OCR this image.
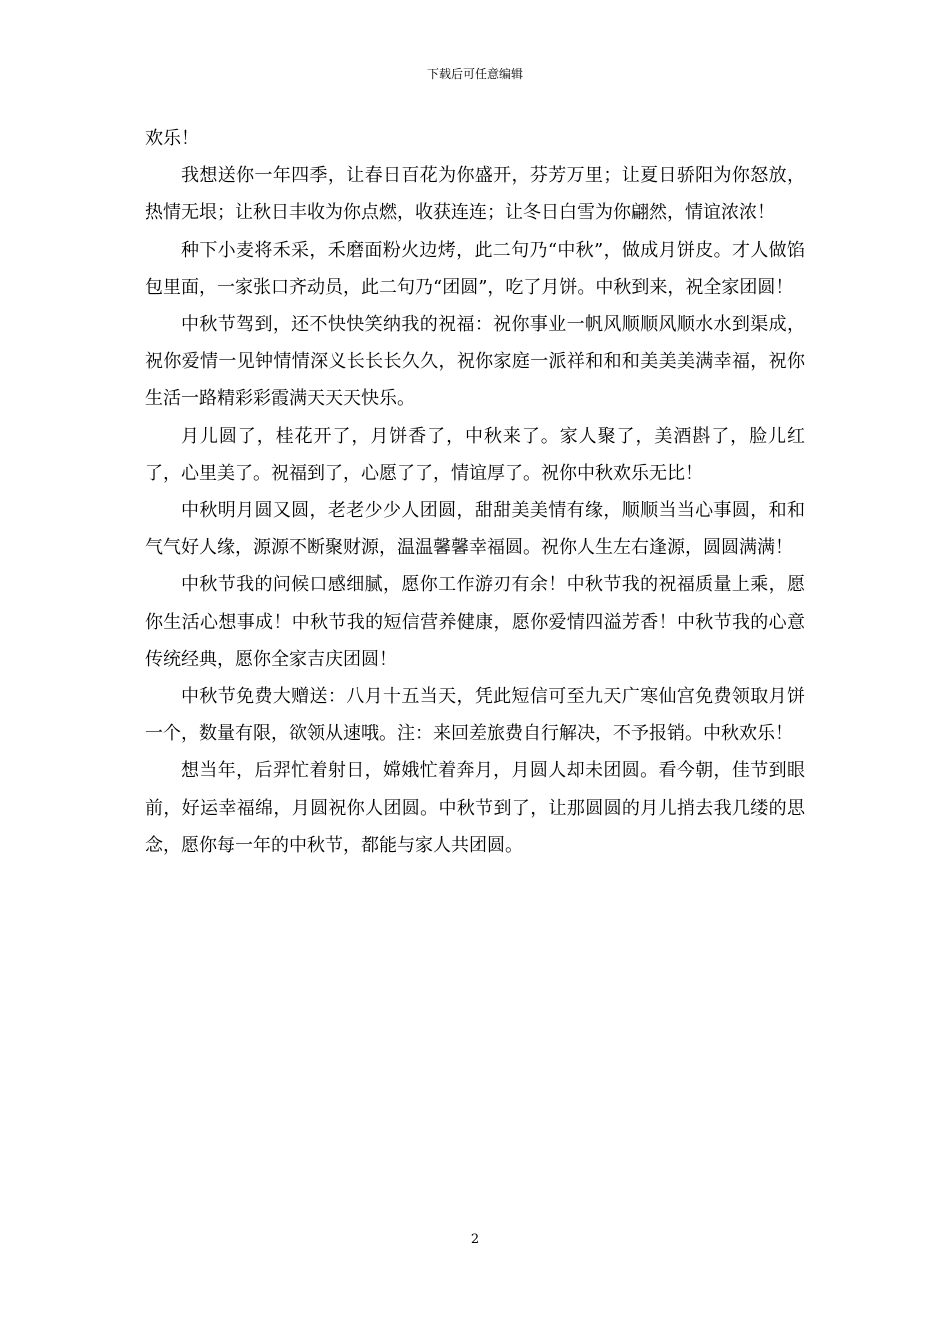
下载后可任意编辑

欢乐！

我想送你一年四季，让春日百花为你盛开，芬芳万里；让夏日骄阳为你怒放，热情无垠；让秋日丰收为你点燃，收获连连；让冬日白雪为你翩然，情谊浓浓！

种下小麦将禾采，禾磨面粉火边烤，此二句乃“中秋”，做成月饼皮。才人做馅包里面，一家张口齐动员，此二句乃“团圆”，吃了月饼。中秋到来，祝全家团圆！

中秋节驾到，还不快快笑纳我的祝福：祝你事业一帆风顺顺风顺水水到渠成，祝你爱情一见钟情情深义长长长久久，祝你家庭一派祥和和和美美美满幸福，祝你生活一路精彩彩霞满天天天快乐。

月儿圆了，桂花开了，月饼香了，中秋来了。家人聚了，美酒斟了，脸儿红了，心里美了。祝福到了，心愿了了，情谊厚了。祝你中秋欢乐无比！

中秋明月圆又圆，老老少少人团圆，甜甜美美情有缘，顺顺当当心事圆，和和气气好人缘，源源不断聚财源，温温馨馨幸福圆。祝你人生左右逢源，圆圆满满！

中秋节我的问候口感细腻，愿你工作游刃有余！中秋节我的祝福质量上乘，愿你生活心想事成！中秋节我的短信营养健康，愿你爱情四溢芳香！中秋节我的心意传统经典，愿你全家吉庆团圆！

中秋节免费大赠送：八月十五当天，凭此短信可至九天广寒仙宫免费领取月饼一个，数量有限，欲领从速哦。注：来回差旅费自行解决，不予报销。中秋欢乐！

想当年，后羿忙着射日，嫦娥忙着奔月，月圆人却未团圆。看今朝，佳节到眼前，好运幸福绵，月圆祝你人团圆。中秋节到了，让那圆圆的月儿捎去我几缕的思念，愿你每一年的中秋节，都能与家人共团圆。

2
